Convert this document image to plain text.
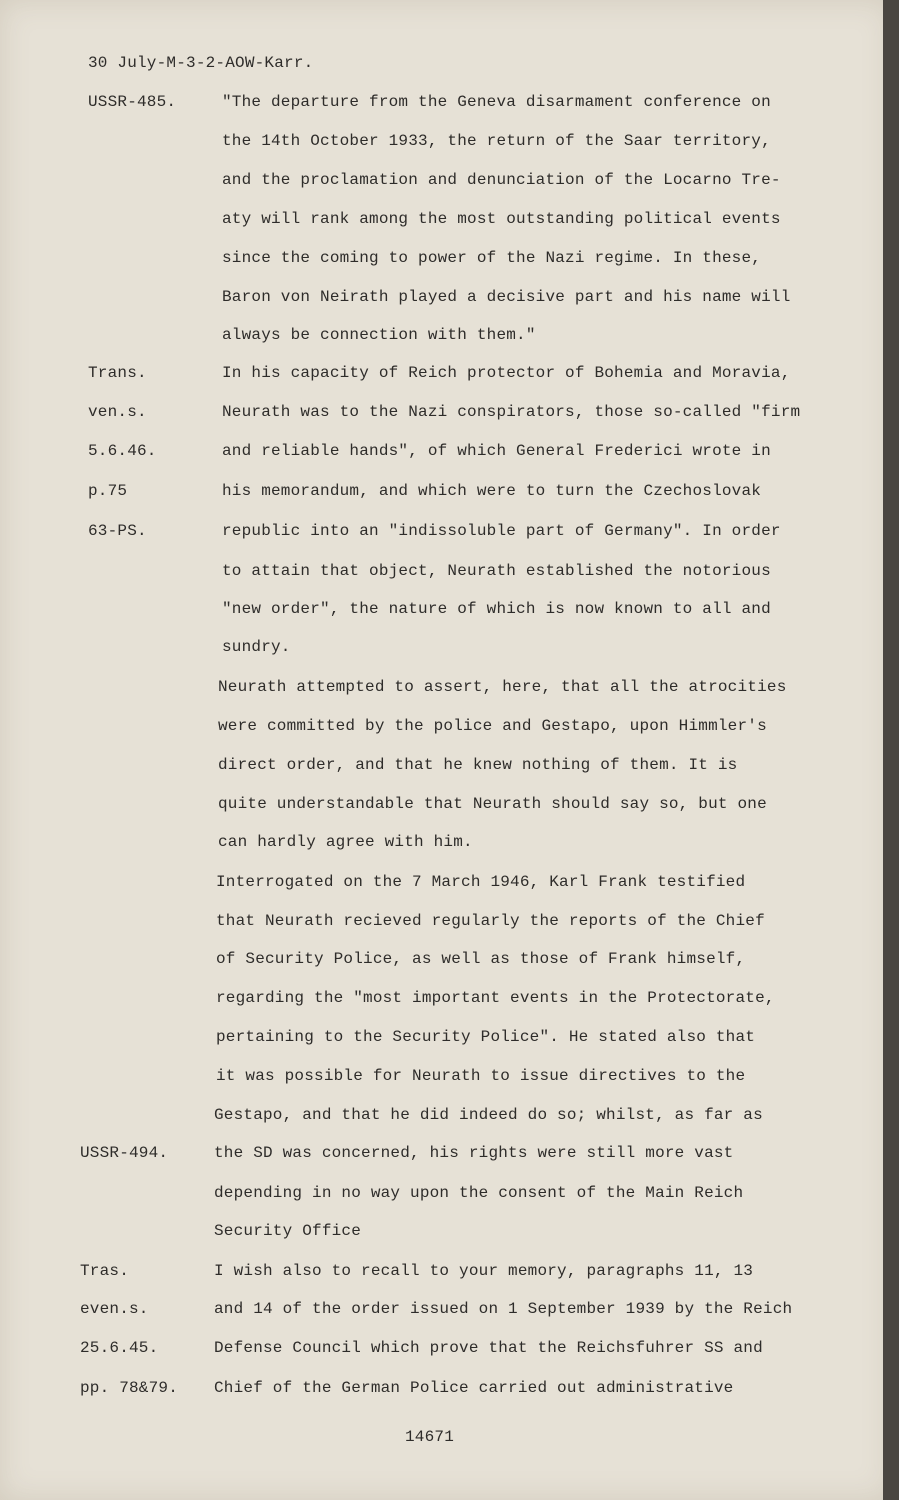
30 July-M-3-2-AOW-Karr.
USSR-485.
Trans.
ven.s.
5.6.46.
p.75
63-PS.
USSR-494.
Tras.
even.s.
25.6.45.
pp. 78&79.
"The departure from the Geneva disarmament conference on
the 14th October 1933, the return of the Saar territory,
and the proclamation and denunciation of the Locarno Tre-
aty will rank among the most outstanding political events
since the coming to power of the Nazi regime. In these,
Baron von Neirath played a decisive part and his name will
always be connection with them."
In his capacity of Reich protector of Bohemia and Moravia,
Neurath was to the Nazi conspirators, those so-called "firm
and reliable hands", of which General Frederici wrote in
his memorandum, and which were to turn the Czechoslovak
republic into an "indissoluble part of Germany". In order
to attain that object, Neurath established the notorious
"new order", the nature of which is now known to all and
sundry.
Neurath attempted to assert, here, that all the atrocities
were committed by the police and Gestapo, upon Himmler's
direct order, and that he knew nothing of them. It is
quite understandable that Neurath should say so, but one
can hardly agree with him.
Interrogated on the 7 March 1946, Karl Frank testified
that Neurath recieved regularly the reports of the Chief
of Security Police, as well as those of Frank himself,
regarding the "most important events in the Protectorate,
pertaining to the Security Police". He stated also that
it was possible for Neurath to issue directives to the
Gestapo, and that he did indeed do so; whilst, as far as
the SD was concerned, his rights were still more vast
depending in no way upon the consent of the Main Reich
Security Office
I wish also to recall to your memory, paragraphs 11, 13
and 14 of the order issued on 1 September 1939 by the Reich
Defense Council which prove that the Reichsfuhrer SS and
Chief of the German Police carried out administrative
14671
